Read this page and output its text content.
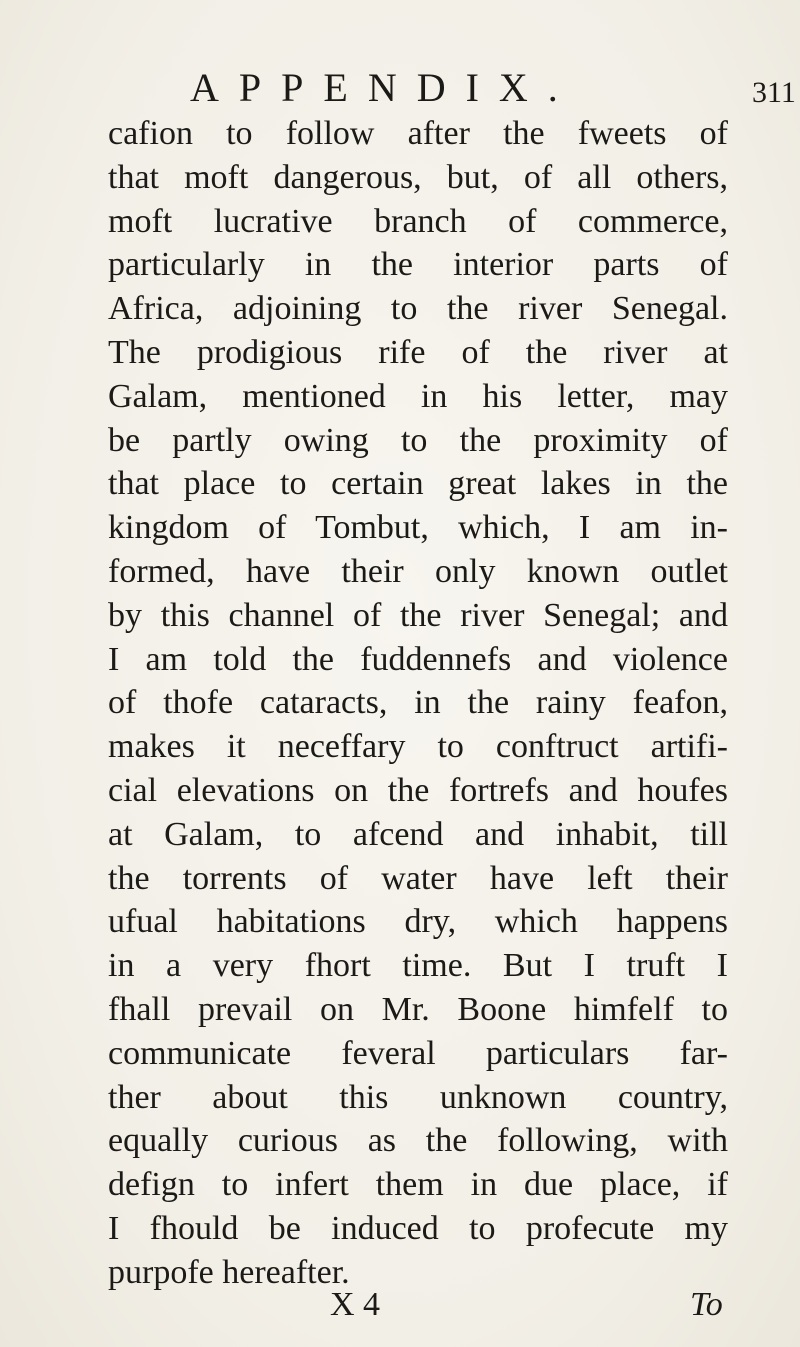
APPENDIX.	311
cafion to follow after the fweets of
that moft dangerous, but, of all others,
moft lucrative branch of commerce,
particularly in the interior parts of
Africa, adjoining to the river Senegal.
The prodigious rife of the river at
Galam, mentioned in his letter, may
be partly owing to the proximity of
that place to certain great lakes in the
kingdom of Tombut, which, I am in-
formed, have their only known outlet
by this channel of the river Senegal; and
I am told the fuddennefs and violence
of thofe cataracts, in the rainy feafon,
makes it neceffary to conftruct artifi-
cial elevations on the fortrefs and houfes
at Galam, to afcend and inhabit, till
the torrents of water have left their
ufual habitations dry, which happens
in a very fhort time. But I truft I
fhall prevail on Mr. Boone himfelf to
communicate feveral particulars far-
ther about this unknown country,
equally curious as the following, with
defign to infert them in due place, if
I fhould be induced to profecute my
purpofe hereafter.
X 4	To
